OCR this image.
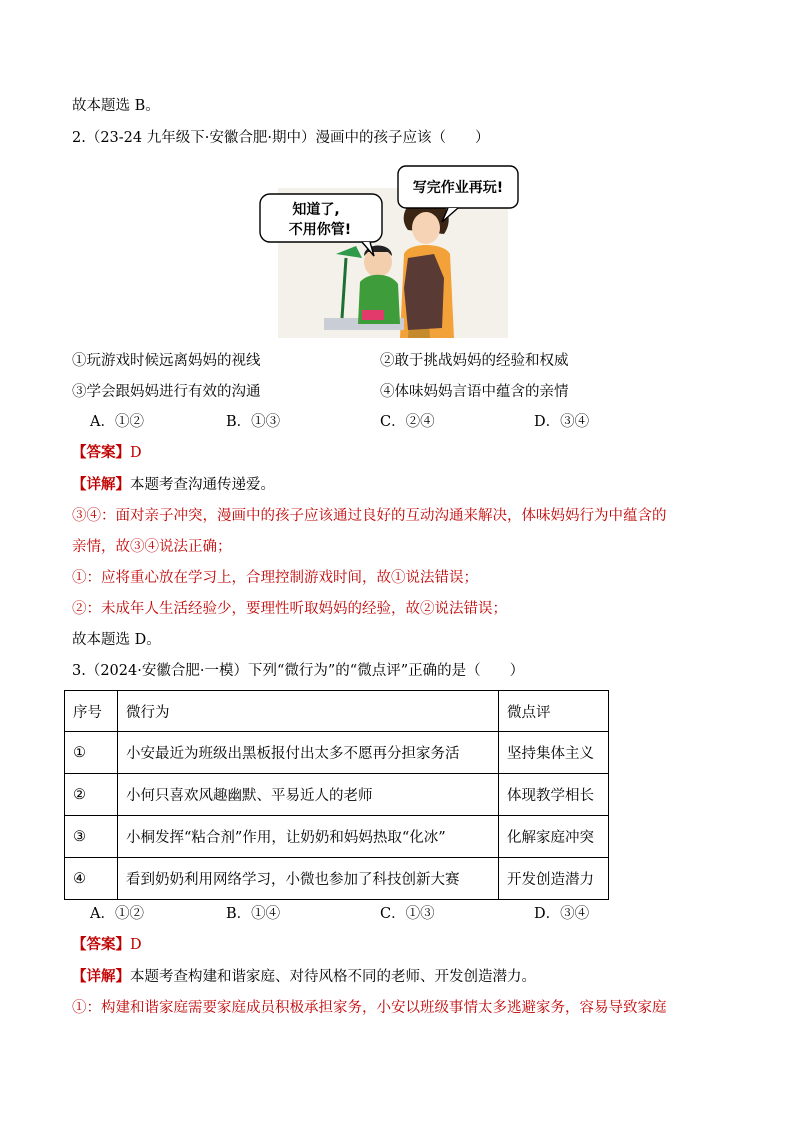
故本题选 B。
2.（23-24 九年级下·安徽合肥·期中）漫画中的孩子应该（　　）
写完作业再玩!
知道了,
不用你管!
①玩游戏时候远离妈妈的视线	②敢于挑战妈妈的经验和权威
③学会跟妈妈进行有效的沟通	④体味妈妈言语中蕴含的亲情
A．①②	B．①③	C．②④	D．③④
【答案】D
【详解】本题考查沟通传递爱。
③④：面对亲子冲突，漫画中的孩子应该通过良好的互动沟通来解决，体味妈妈行为中蕴含的
亲情，故③④说法正确；
①：应将重心放在学习上，合理控制游戏时间，故①说法错误；
②：未成年人生活经验少，要理性听取妈妈的经验，故②说法错误；
故本题选 D。
3.（2024·安徽合肥·一模）下列“微行为”的“微点评”正确的是（　　）
序号	微行为	微点评
①	小安最近为班级出黑板报付出太多不愿再分担家务活	坚持集体主义
②	小何只喜欢风趣幽默、平易近人的老师	体现教学相长
③	小桐发挥“粘合剂”作用，让奶奶和妈妈热取“化冰”	化解家庭冲突
④	看到奶奶利用网络学习，小微也参加了科技创新大赛	开发创造潜力
A．①②	B．①④	C．①③	D．③④
【答案】D
【详解】本题考查构建和谐家庭、对待风格不同的老师、开发创造潜力。
①：构建和谐家庭需要家庭成员积极承担家务，小安以班级事情太多逃避家务，容易导致家庭
